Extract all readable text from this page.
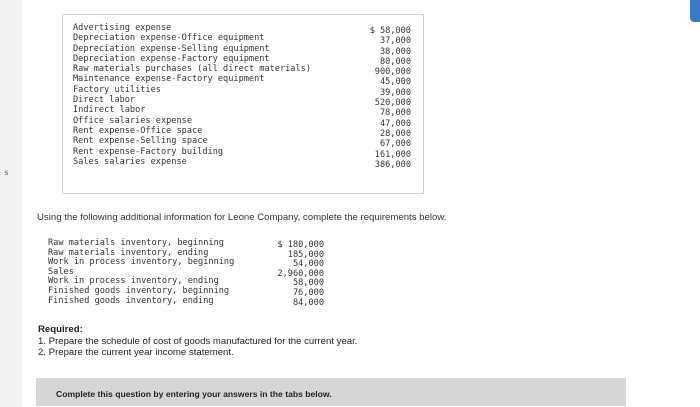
s
Advertising expense
Depreciation expense-Office equipment
Depreciation expense-Selling equipment
Depreciation expense-Factory equipment
Raw materials purchases (all direct materials)
Maintenance expense-Factory equipment
Factory utilities
Direct labor
Indirect labor
Office salaries expense
Rent expense-Office space
Rent expense-Selling space
Rent expense-Factory building
Sales salaries expense
$ 58,000
37,000
38,000
80,000
900,000
45,000
39,000
520,000
78,000
47,000
28,000
67,000
161,000
386,000
Using the following additional information for Leone Company, complete the requirements below.
Raw materials inventory, beginning
Raw materials inventory, ending
Work in process inventory, beginning
Sales
Work in process inventory, ending
Finished goods inventory, beginning
Finished goods inventory, ending
$ 180,000
185,000
54,000
2,960,000
58,000
76,000
84,000
Required:
1. Prepare the schedule of cost of goods manufactured for the current year.
2. Prepare the current year income statement.
Complete this question by entering your answers in the tabs below.
